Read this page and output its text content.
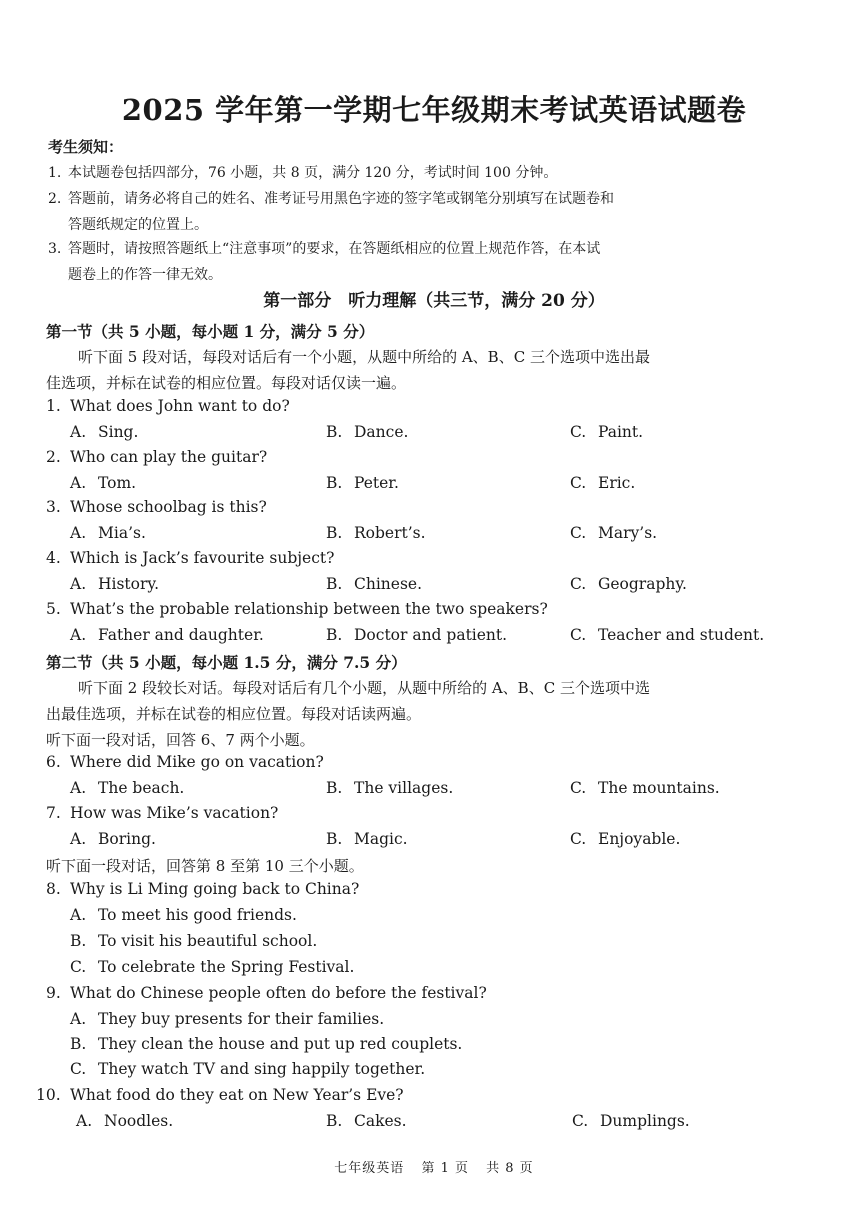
2025 学年第一学期七年级期末考试英语试题卷
考生须知：
1. 本试题卷包括四部分，76 小题，共 8 页，满分 120 分，考试时间 100 分钟。
2. 答题前，请务必将自己的姓名、准考证号用黑色字迹的签字笔或钢笔分别填写在试题卷和
答题纸规定的位置上。
3. 答题时，请按照答题纸上“注意事项”的要求，在答题纸相应的位置上规范作答，在本试
题卷上的作答一律无效。
第一部分　听力理解（共三节，满分 20 分）
第一节（共 5 小题，每小题 1 分，满分 5 分）
听下面 5 段对话，每段对话后有一个小题，从题中所给的 A、B、C 三个选项中选出最
佳选项，并标在试卷的相应位置。每段对话仅读一遍。
1. What does John want to do?
A. Sing.	B. Dance.	C. Paint.
2. Who can play the guitar?
A. Tom.	B. Peter.	C. Eric.
3. Whose schoolbag is this?
A. Mia’s.	B. Robert’s.	C. Mary’s.
4. Which is Jack’s favourite subject?
A. History.	B. Chinese.	C. Geography.
5. What’s the probable relationship between the two speakers?
A. Father and daughter.	B. Doctor and patient.	C. Teacher and student.
第二节（共 5 小题，每小题 1.5 分，满分 7.5 分）
听下面 2 段较长对话。每段对话后有几个小题，从题中所给的 A、B、C 三个选项中选
出最佳选项，并标在试卷的相应位置。每段对话读两遍。
听下面一段对话，回答 6、7 两个小题。
6. Where did Mike go on vacation?
A. The beach.	B. The villages.	C. The mountains.
7. How was Mike’s vacation?
A. Boring.	B. Magic.	C. Enjoyable.
听下面一段对话，回答第 8 至第 10 三个小题。
8. Why is Li Ming going back to China?
A. To meet his good friends.
B. To visit his beautiful school.
C. To celebrate the Spring Festival.
9. What do Chinese people often do before the festival?
A. They buy presents for their families.
B. They clean the house and put up red couplets.
C. They watch TV and sing happily together.
10. What food do they eat on New Year’s Eve?
A. Noodles.	B. Cakes.	C. Dumplings.
七年级英语 第 1 页 共 8 页
